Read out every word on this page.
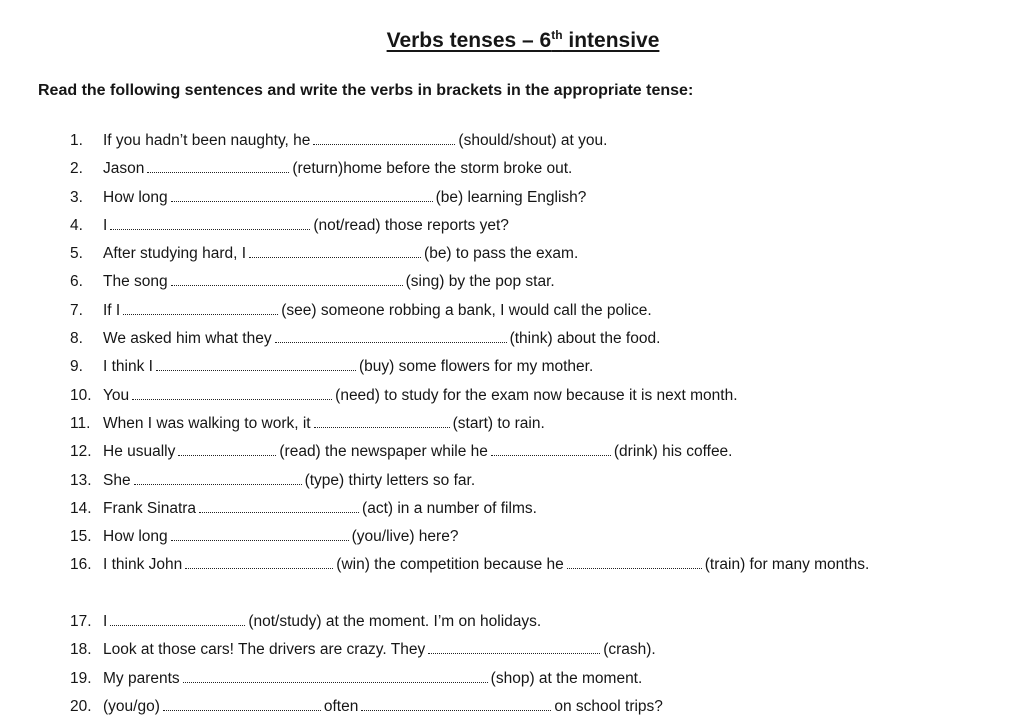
Verbs tenses – 6th intensive

Read the following sentences and write the verbs in brackets in the appropriate tense:

1. If you hadn’t been naughty, he	(should/shout) at you.
2. Jason	(return)home before the storm broke out.
3. How long	(be) learning English?
4. I	(not/read) those reports yet?
5. After studying hard, I	(be) to pass the exam.
6. The song	(sing) by the pop star.
7. If I	(see) someone robbing a bank, I would call the police.
8. We asked him what they	(think) about the food.
9. I think I	(buy) some flowers for my mother.
10. You	(need) to study for the exam now because it is next month.
11. When I was walking to work, it	(start) to rain.
12. He usually	(read) the newspaper while he	(drink) his coffee.
13. She	(type) thirty letters so far.
14. Frank Sinatra	(act) in a number of films.
15. How long	(you/live) here?
16. I think John	(win) the competition because he	(train) for many months.
17. I	(not/study) at the moment. I’m on holidays.
18. Look at those cars! The drivers are crazy. They	(crash).
19. My parents	(shop) at the moment.
20. (you/go)	often	on school trips?
